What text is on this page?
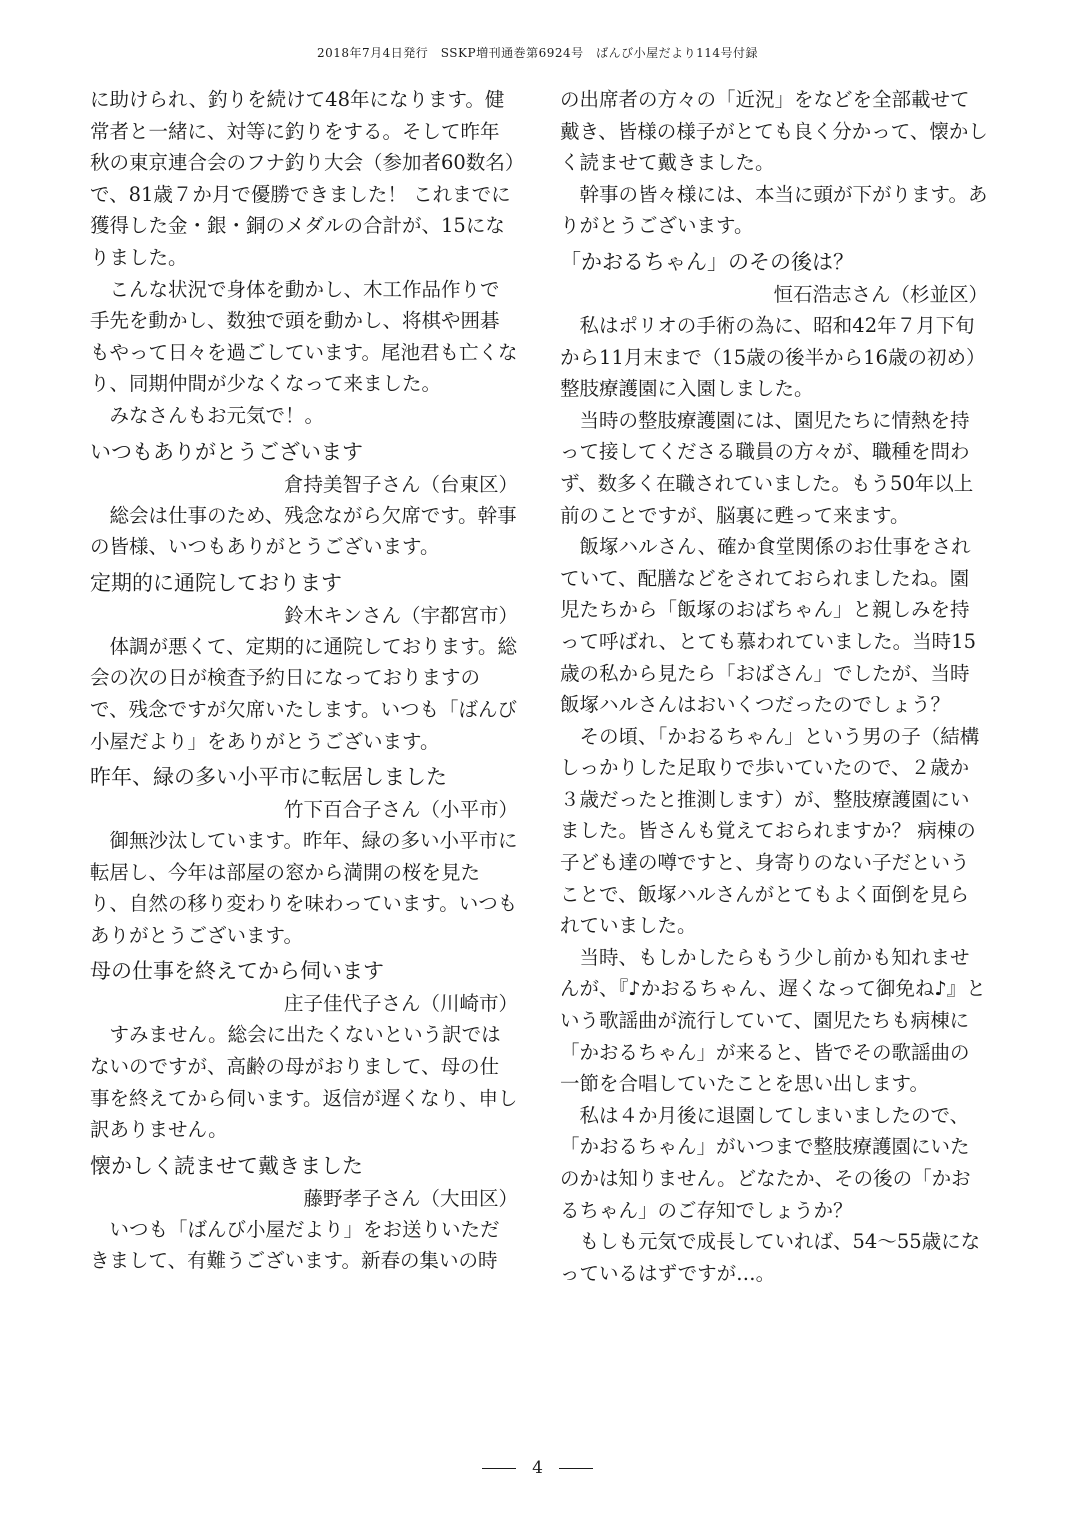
2018年7月4日発行　SSKP増刊通巻第6924号　ばんび小屋だより114号付録

に助けられ、釣りを続けて48年になります。健常者と一緒に、対等に釣りをする。そして昨年秋の東京連合会のフナ釣り大会（参加者60数名）で、81歳７か月で優勝できました！ これまでに獲得した金・銀・銅のメダルの合計が、15になりました。

こんな状況で身体を動かし、木工作品作りで手先を動かし、数独で頭を動かし、将棋や囲碁もやって日々を過ごしています。尾池君も亡くなり、同期仲間が少なくなって来ました。

みなさんもお元気で！。

いつもありがとうございます
倉持美智子さん（台東区）

総会は仕事のため、残念ながら欠席です。幹事の皆様、いつもありがとうございます。

定期的に通院しております
鈴木キンさん（宇都宮市）

体調が悪くて、定期的に通院しております。総会の次の日が検査予約日になっておりますので、残念ですが欠席いたします。いつも「ばんび小屋だより」をありがとうございます。

昨年、緑の多い小平市に転居しました
竹下百合子さん（小平市）

御無沙汰しています。昨年、緑の多い小平市に転居し、今年は部屋の窓から満開の桜を見たり、自然の移り変わりを味わっています。いつもありがとうございます。

母の仕事を終えてから伺います
庄子佳代子さん（川崎市）

すみません。総会に出たくないという訳ではないのですが、高齢の母がおりまして、母の仕事を終えてから伺います。返信が遅くなり、申し訳ありません。

懐かしく読ませて戴きました
藤野孝子さん（大田区）

いつも「ばんび小屋だより」をお送りいただきまして、有難うございます。新春の集いの時

の出席者の方々の「近況」をなどを全部載せて戴き、皆様の様子がとても良く分かって、懐かしく読ませて戴きました。

幹事の皆々様には、本当に頭が下がります。ありがとうございます。

「かおるちゃん」のその後は？
恒石浩志さん（杉並区）

私はポリオの手術の為に、昭和42年７月下旬から11月末まで（15歳の後半から16歳の初め）整肢療護園に入園しました。

当時の整肢療護園には、園児たちに情熱を持って接してくださる職員の方々が、職種を問わず、数多く在職されていました。もう50年以上前のことですが、脳裏に甦って来ます。

飯塚ハルさん、確か食堂関係のお仕事をされていて、配膳などをされておられましたね。園児たちから「飯塚のおばちゃん」と親しみを持って呼ばれ、とても慕われていました。当時15歳の私から見たら「おばさん」でしたが、当時飯塚ハルさんはおいくつだったのでしょう？

その頃、「かおるちゃん」という男の子（結構しっかりした足取りで歩いていたので、２歳か３歳だったと推測します）が、整肢療護園にいました。皆さんも覚えておられますか？ 病棟の子ども達の噂ですと、身寄りのない子だということで、飯塚ハルさんがとてもよく面倒を見られていました。

当時、もしかしたらもう少し前かも知れませんが、『♪かおるちゃん、遅くなって御免ね♪』という歌謡曲が流行していて、園児たちも病棟に「かおるちゃん」が来ると、皆でその歌謡曲の一節を合唱していたことを思い出します。

私は４か月後に退園してしまいましたので、「かおるちゃん」がいつまで整肢療護園にいたのかは知りません。どなたか、その後の「かおるちゃん」のご存知でしょうか？

もしも元気で成長していれば、54〜55歳になっているはずですが…。

4
